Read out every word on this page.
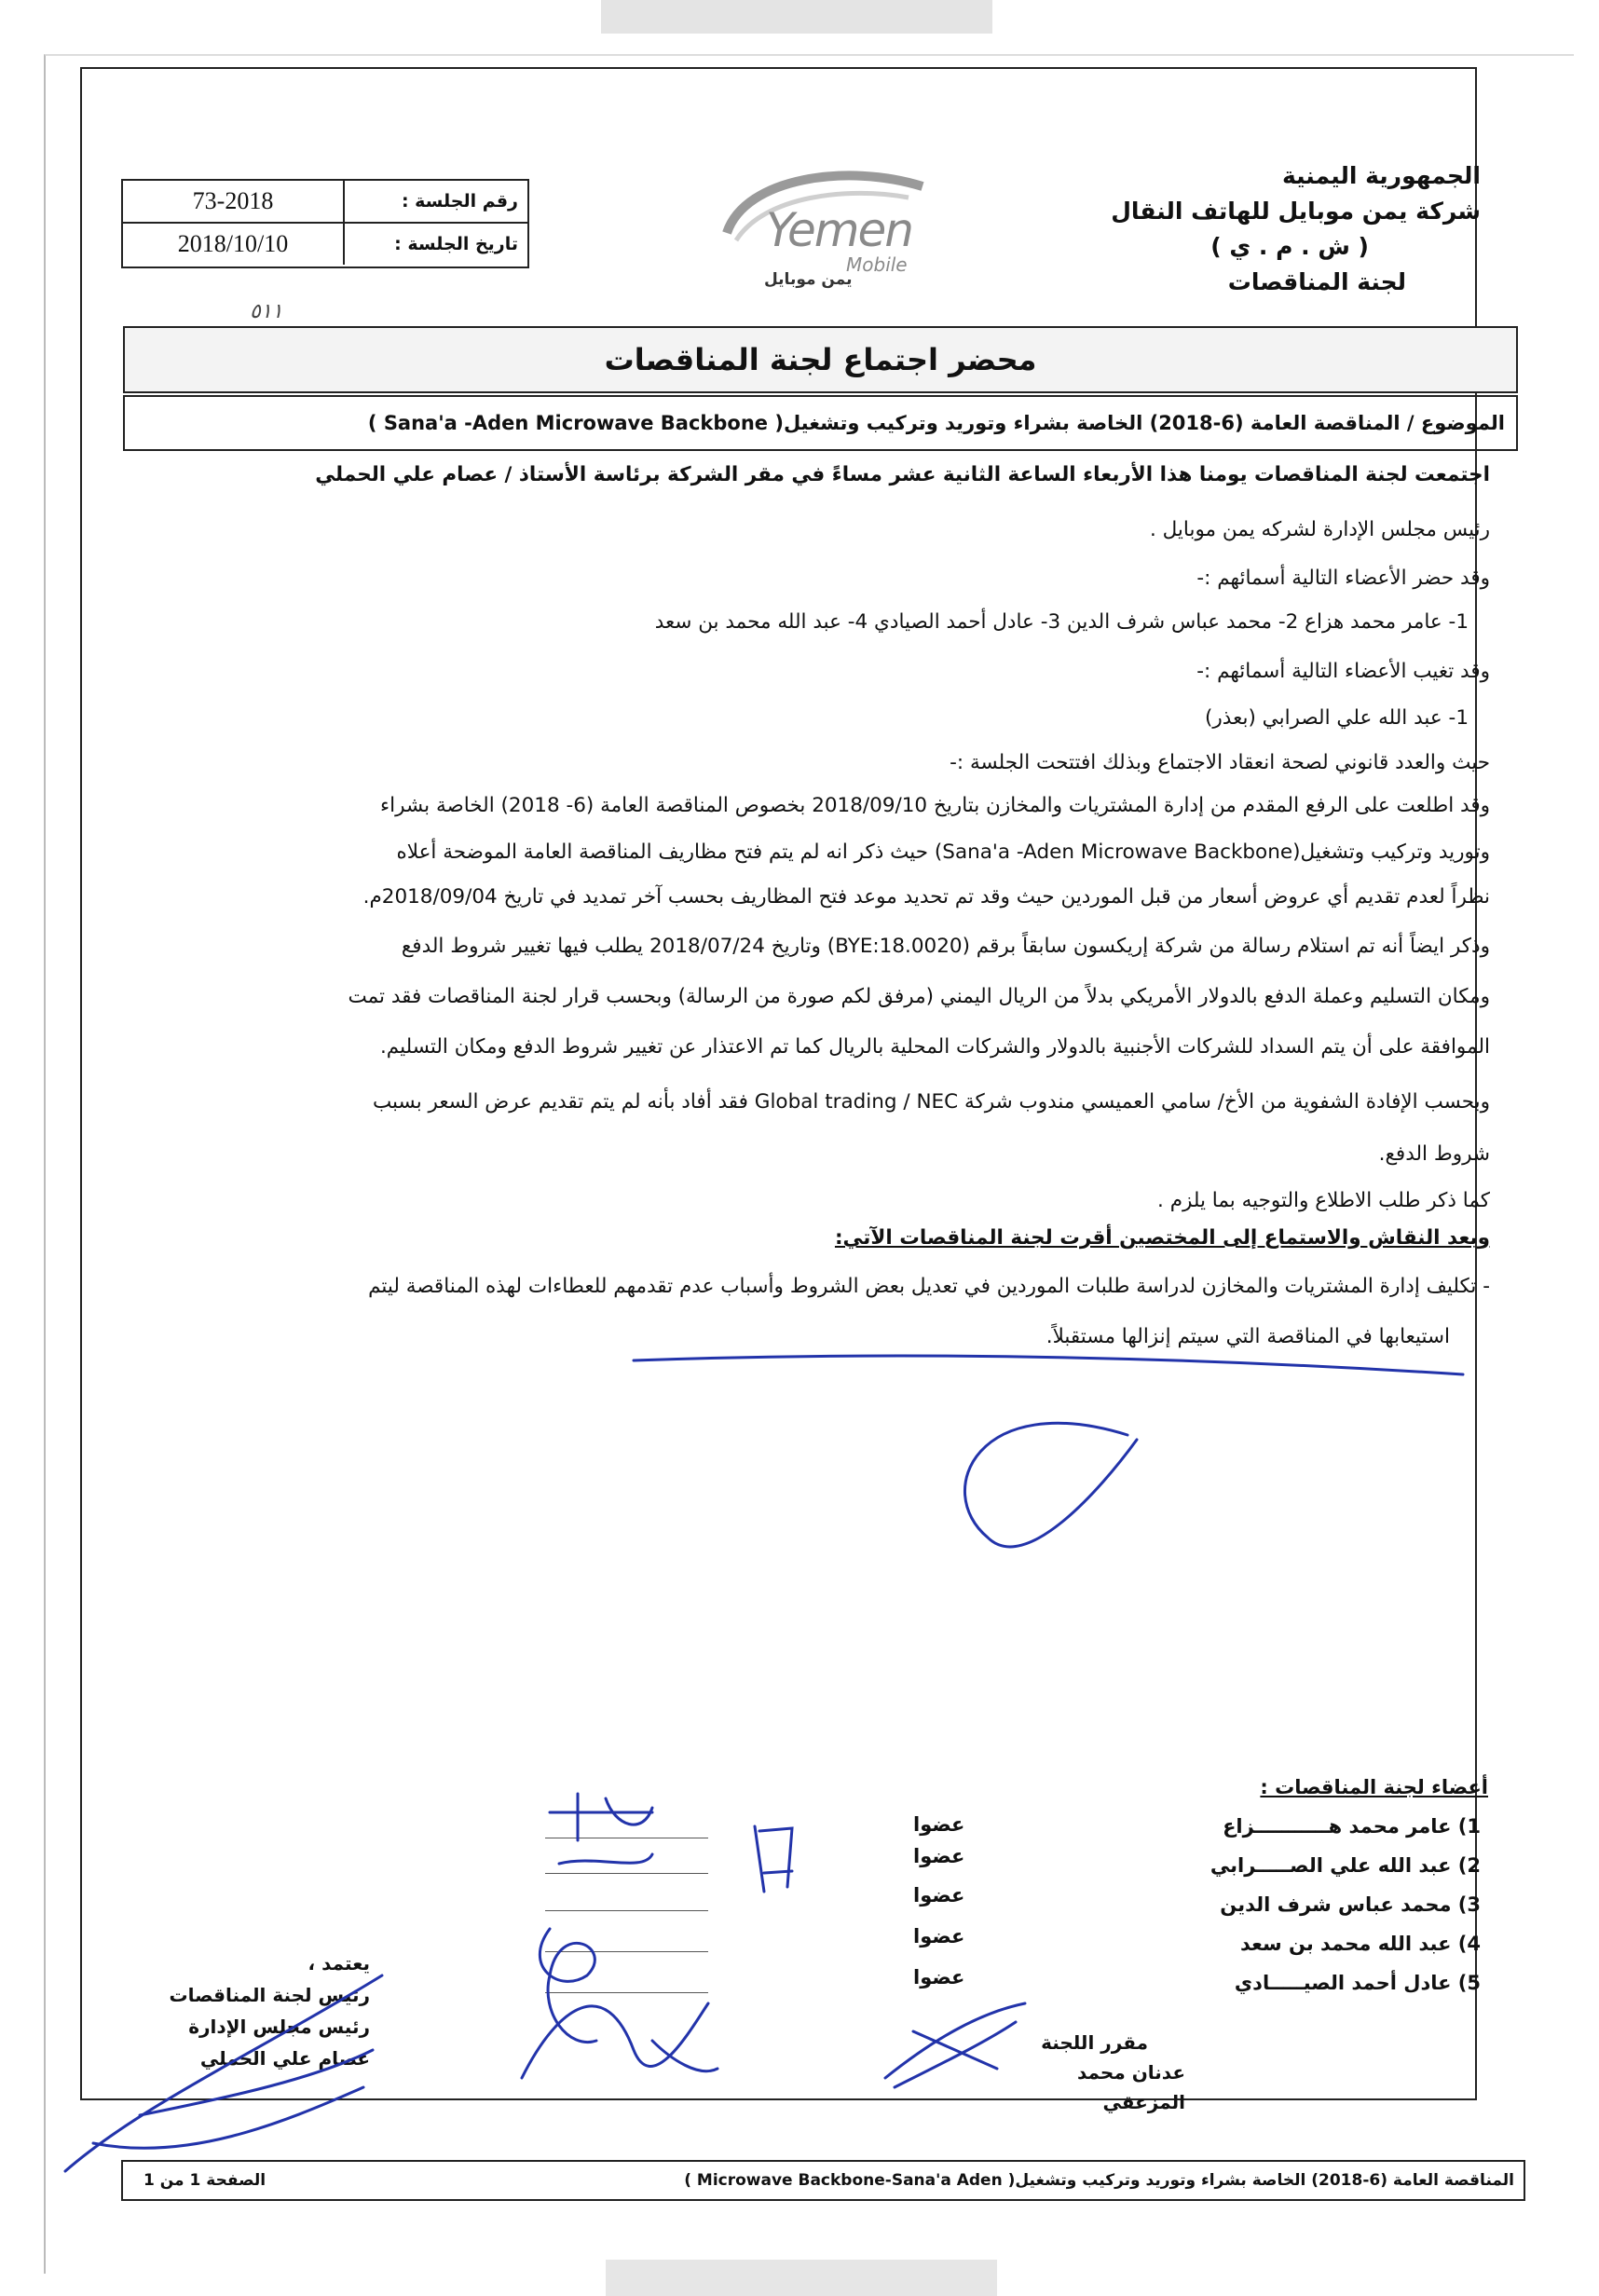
الجمهورية اليمنية
شركة يمن موبايل للهاتف النقال
( ش . م . ي )
لجنة المناقصات
Yemen
Mobile
يمن موبايل
73-2018	رقم الجلسة :
2018/10/10	تاريخ الجلسة :
٥١١
محضر اجتماع لجنة المناقصات
الموضوع / المناقصة العامة (6-2018) الخاصة بشراء وتوريد وتركيب وتشغيل( Sana'a -Aden Microwave Backbone )
اجتمعت لجنة المناقصات يومنا هذا الأربعاء الساعة الثانية عشر مساءً في مقر الشركة برئاسة الأستاذ / عصام علي الحملي
رئيس مجلس الإدارة لشركه يمن موبايل .
وقد حضر الأعضاء التالية أسمائهم :-
1- عامر محمد هزاع 2- محمد عباس شرف الدين 3- عادل أحمد الصيادي 4- عبد الله محمد بن سعد
وقد تغيب الأعضاء التالية أسمائهم :-
1- عبد الله علي الصرابي (بعذر)
حيث والعدد قانوني لصحة انعقاد الاجتماع وبذلك افتتحت الجلسة :-
وقد اطلعت على الرفع المقدم من إدارة المشتريات والمخازن بتاريخ 2018/09/10 بخصوص المناقصة العامة (6- 2018) الخاصة بشراء
وتوريد وتركيب وتشغيل(Sana'a -Aden Microwave Backbone) حيث ذكر انه لم يتم فتح مظاريف المناقصة العامة الموضحة أعلاه
نظراً لعدم تقديم أي عروض أسعار من قبل الموردين حيث وقد تم تحديد موعد فتح المظاريف بحسب آخر تمديد في تاريخ 2018/09/04م.
وذكر ايضاً أنه تم استلام رسالة من شركة إريكسون سابقاً برقم (BYE:18.0020) وتاريخ 2018/07/24 يطلب فيها تغيير شروط الدفع
ومكان التسليم وعملة الدفع بالدولار الأمريكي بدلاً من الريال اليمني (مرفق لكم صورة من الرسالة) وبحسب قرار لجنة المناقصات فقد تمت
الموافقة على أن يتم السداد للشركات الأجنبية بالدولار والشركات المحلية بالريال كما تم الاعتذار عن تغيير شروط الدفع ومكان التسليم.
وبحسب الإفادة الشفوية من الأخ/ سامي العميسي مندوب شركة Global trading / NEC فقد أفاد بأنه لم يتم تقديم عرض السعر بسبب
شروط الدفع.
كما ذكر طلب الاطلاع والتوجيه بما يلزم .
وبعد النقاش والاستماع إلى المختصين أقرت لجنة المناقصات الآتي:
- تكليف إدارة المشتريات والمخازن لدراسة طلبات الموردين في تعديل بعض الشروط وأسباب عدم تقدمهم للعطاءات لهذه المناقصة ليتم
استيعابها في المناقصة التي سيتم إنزالها مستقبلاً.
أعضاء لجنة المناقصات :
1) عامر محمد هـــــــــــزاع
2) عبد الله علي الصـــــرابي
3) محمد عباس شرف الدين
4) عبد الله محمد بن سعد
5) عادل أحمد الصيـــــادي
عضوا
عضوا
عضوا
عضوا
عضوا
يعتمد ،
رئيس لجنة المناقصات
رئيس مجلس الإدارة
عصام علي الحملي
مقرر اللجنة
عدنان محمد المزعقي
المناقصة العامة (6-2018) الخاصة بشراء وتوريد وتركيب وتشغيل( Microwave Backbone-Sana'a Aden )
الصفحة 1 من 1
